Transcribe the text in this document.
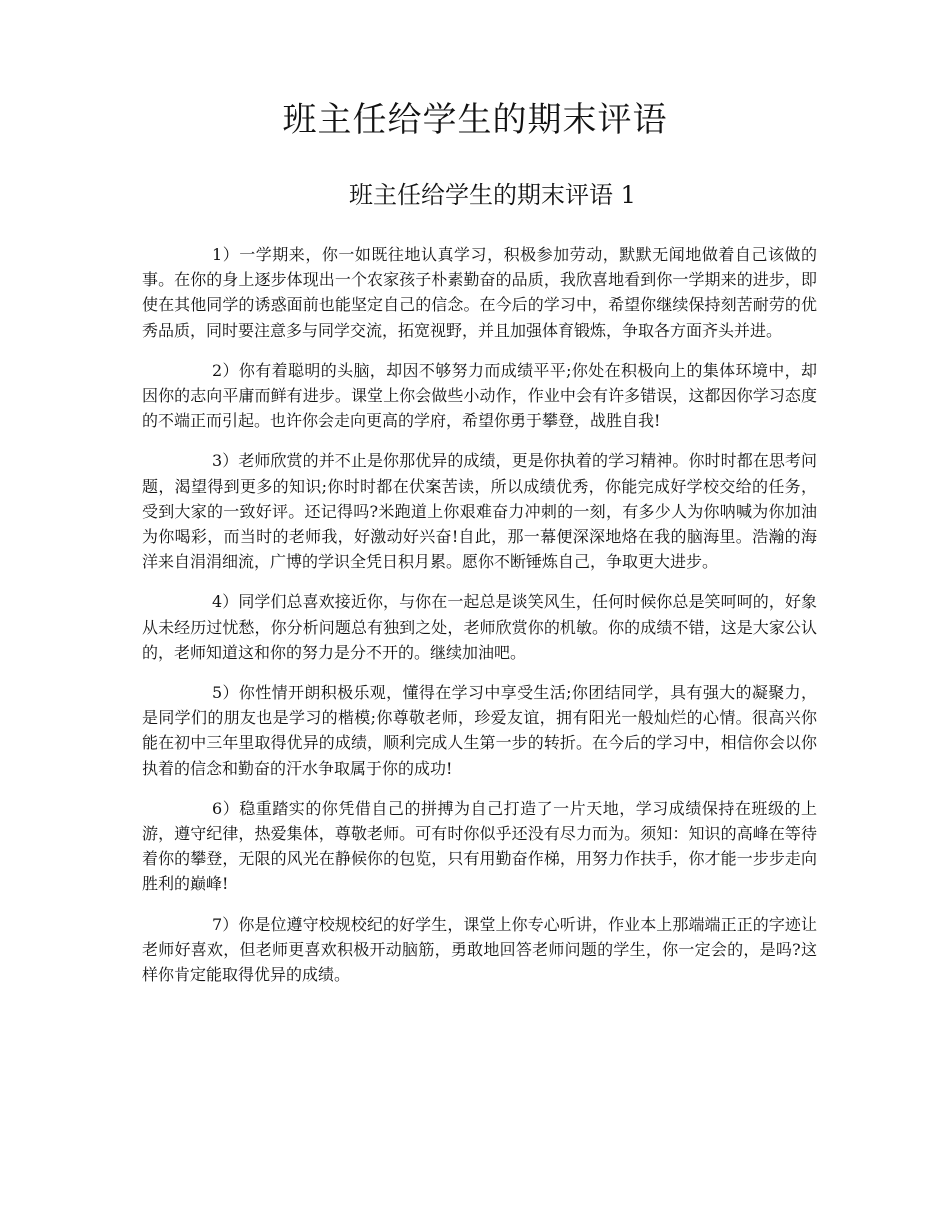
班主任给学生的期末评语
班主任给学生的期末评语 1

1）一学期来，你一如既往地认真学习，积极参加劳动，默默无闻地做着自己该做的事。在你的身上逐步体现出一个农家孩子朴素勤奋的品质，我欣喜地看到你一学期来的进步，即使在其他同学的诱惑面前也能坚定自己的信念。在今后的学习中，希望你继续保持刻苦耐劳的优秀品质，同时要注意多与同学交流，拓宽视野，并且加强体育锻炼，争取各方面齐头并进。

2）你有着聪明的头脑，却因不够努力而成绩平平;你处在积极向上的集体环境中，却因你的志向平庸而鲜有进步。课堂上你会做些小动作，作业中会有许多错误，这都因你学习态度的不端正而引起。也许你会走向更高的学府，希望你勇于攀登，战胜自我!

3）老师欣赏的并不止是你那优异的成绩，更是你执着的学习精神。你时时都在思考问题，渴望得到更多的知识;你时时都在伏案苦读，所以成绩优秀，你能完成好学校交给的任务，受到大家的一致好评。还记得吗?米跑道上你艰难奋力冲刺的一刻，有多少人为你呐喊为你加油为你喝彩，而当时的老师我，好激动好兴奋!自此，那一幕便深深地烙在我的脑海里。浩瀚的海洋来自涓涓细流，广博的学识全凭日积月累。愿你不断锤炼自己，争取更大进步。

4）同学们总喜欢接近你，与你在一起总是谈笑风生，任何时候你总是笑呵呵的，好象从未经历过忧愁，你分析问题总有独到之处，老师欣赏你的机敏。你的成绩不错，这是大家公认的，老师知道这和你的努力是分不开的。继续加油吧。

5）你性情开朗积极乐观，懂得在学习中享受生活;你团结同学，具有强大的凝聚力，是同学们的朋友也是学习的楷模;你尊敬老师，珍爱友谊，拥有阳光一般灿烂的心情。很高兴你能在初中三年里取得优异的成绩，顺利完成人生第一步的转折。在今后的学习中，相信你会以你执着的信念和勤奋的汗水争取属于你的成功!

6）稳重踏实的你凭借自己的拼搏为自己打造了一片天地，学习成绩保持在班级的上游，遵守纪律，热爱集体，尊敬老师。可有时你似乎还没有尽力而为。须知：知识的高峰在等待着你的攀登，无限的风光在静候你的包览，只有用勤奋作梯，用努力作扶手，你才能一步步走向胜利的巅峰!

7）你是位遵守校规校纪的好学生，课堂上你专心听讲，作业本上那端端正正的字迹让老师好喜欢，但老师更喜欢积极开动脑筋，勇敢地回答老师问题的学生，你一定会的，是吗?这样你肯定能取得优异的成绩。
